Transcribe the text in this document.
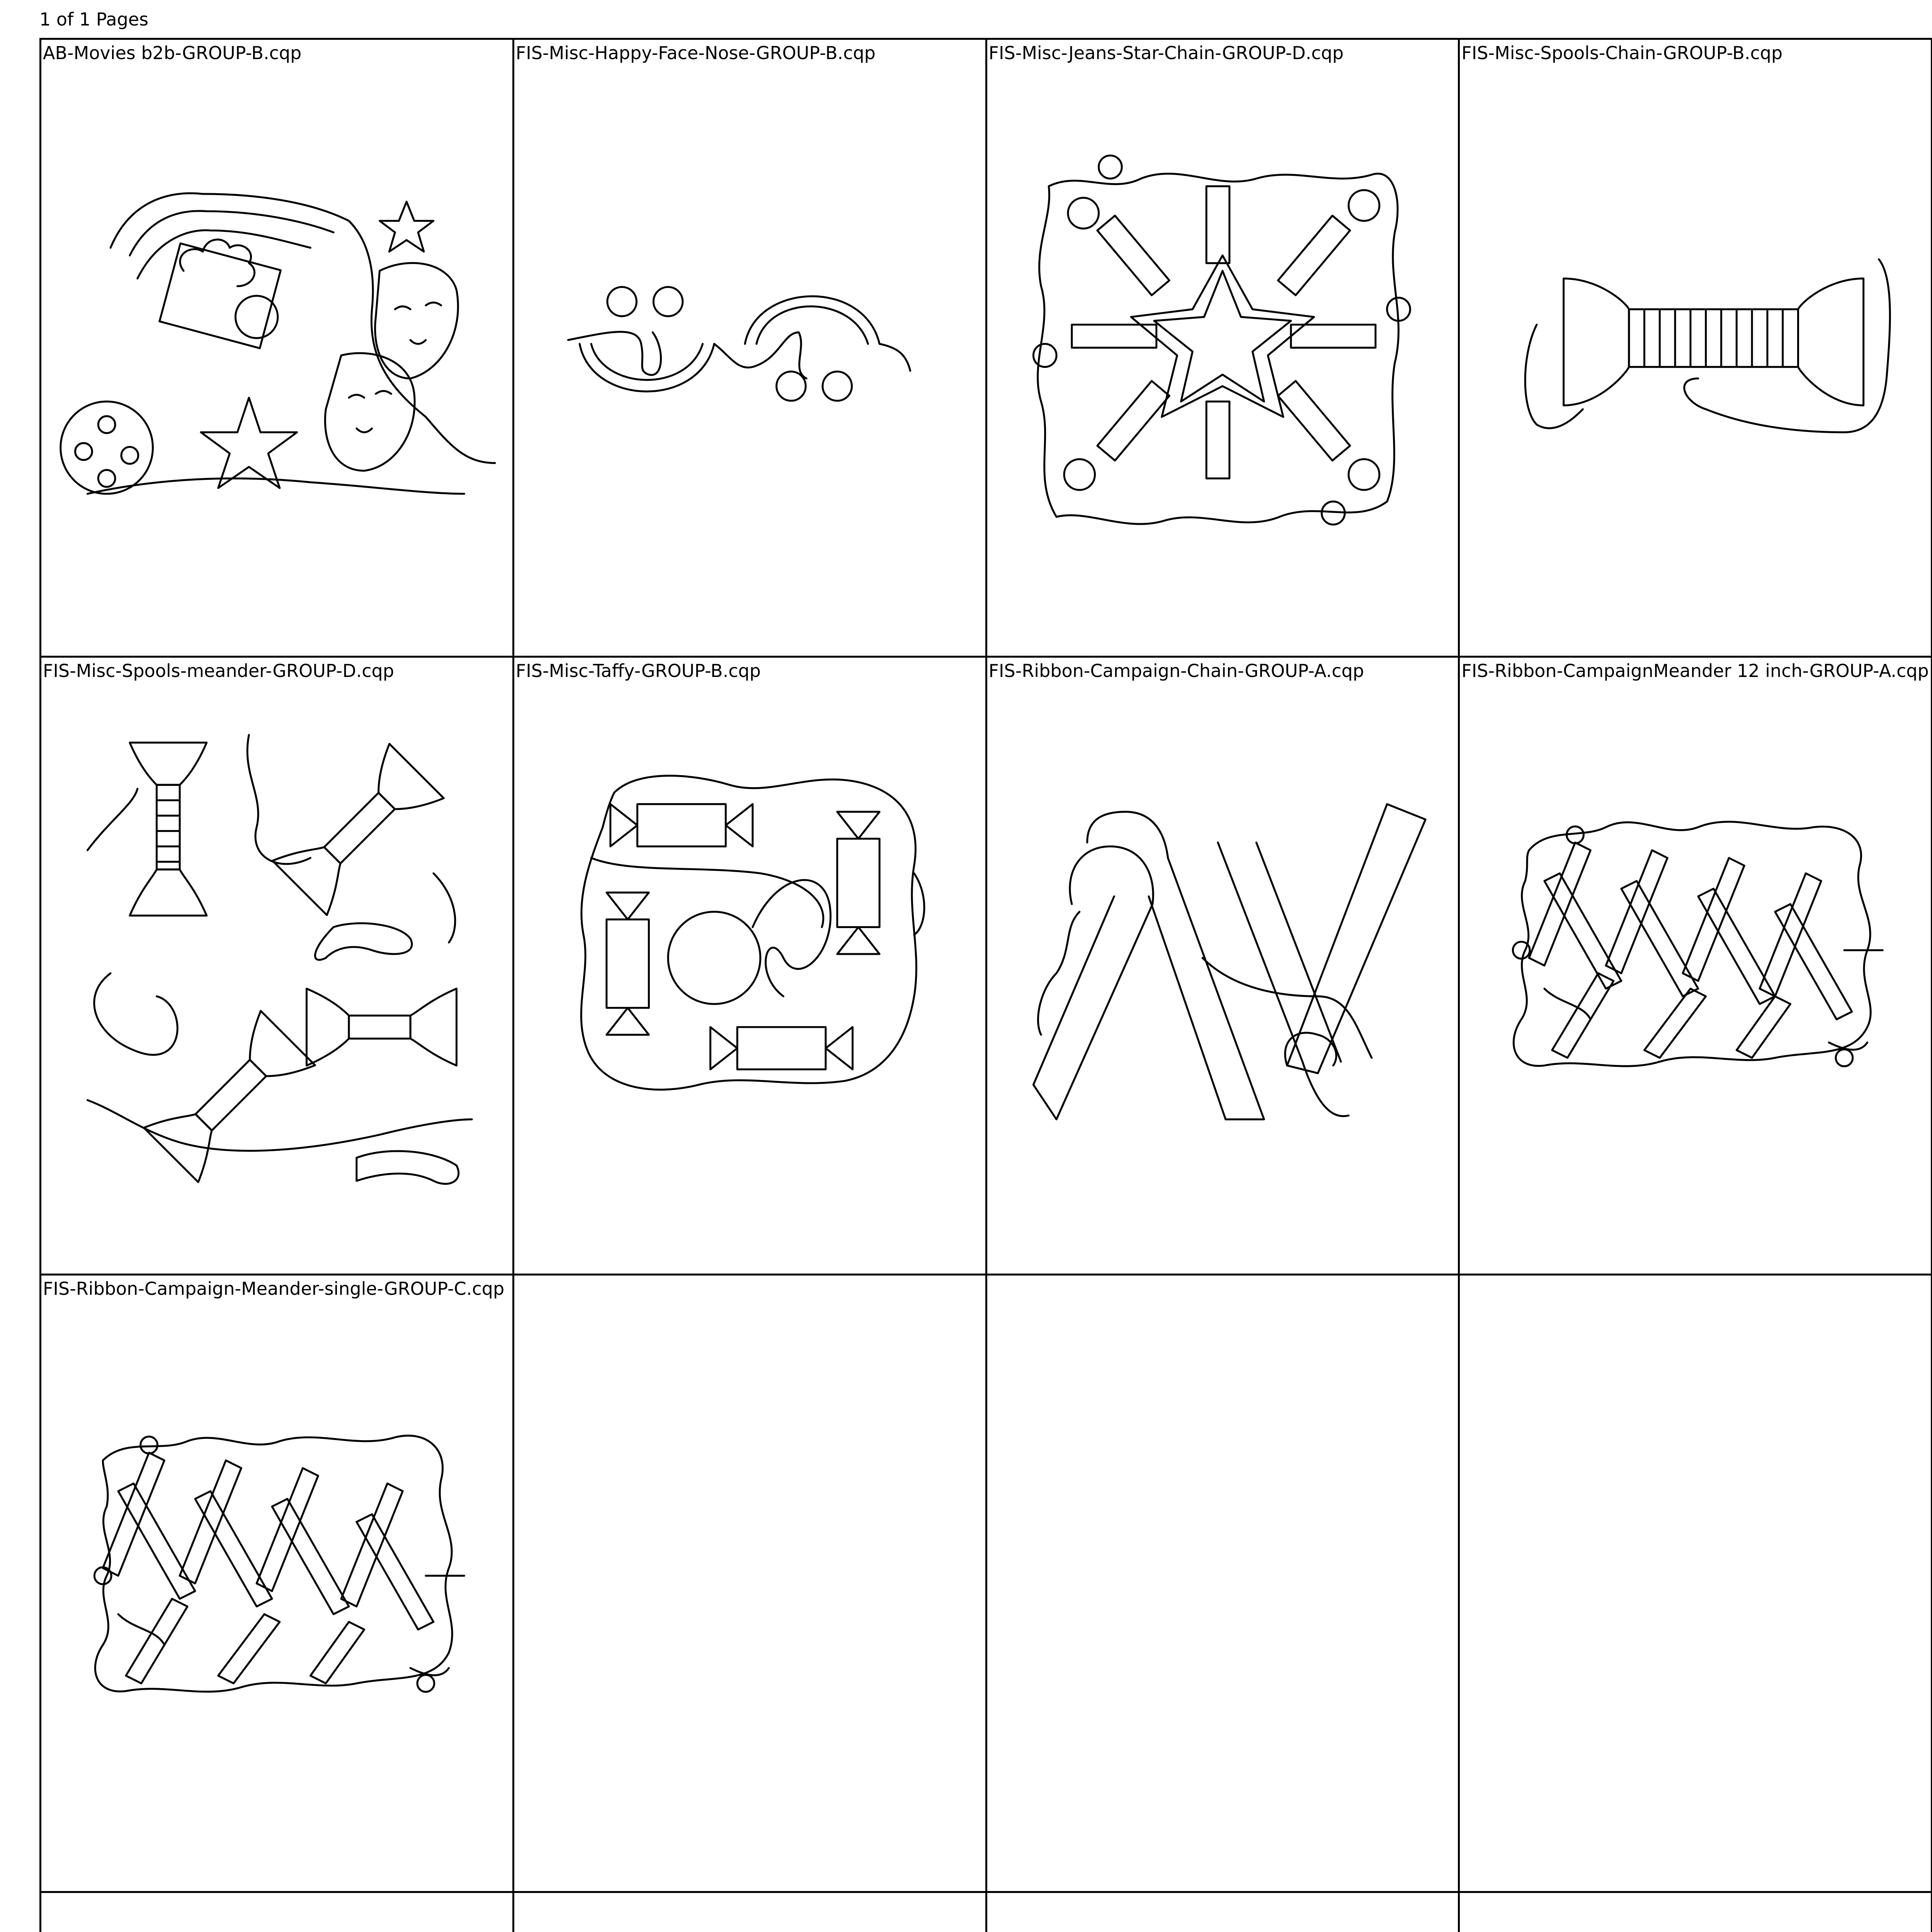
1 of 1 Pages
AB-Movies b2b-GROUP-B.cqp	FIS-Misc-Happy-Face-Nose-GROUP-B.cqp	FIS-Misc-Jeans-Star-Chain-GROUP-D.cqp	FIS-Misc-Spools-Chain-GROUP-B.cqp
FIS-Misc-Spools-meander-GROUP-D.cqp	FIS-Misc-Taffy-GROUP-B.cqp	FIS-Ribbon-Campaign-Chain-GROUP-A.cqp	FIS-Ribbon-CampaignMeander 12 inch-GROUP-A.cqp
FIS-Ribbon-Campaign-Meander-single-GROUP-C.cqp
